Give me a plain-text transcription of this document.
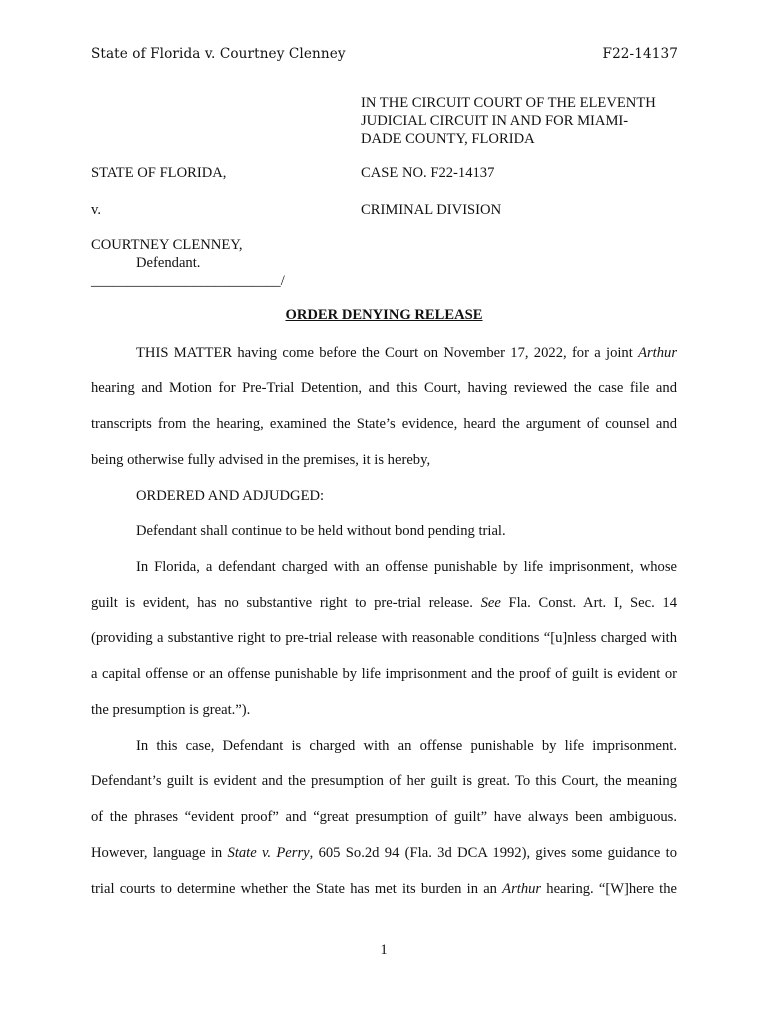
State of Florida v. Courtney Clenney	F22-14137
IN THE CIRCUIT COURT OF THE ELEVENTH
JUDICIAL CIRCUIT IN AND FOR MIAMI-
DADE COUNTY, FLORIDA
STATE OF FLORIDA,	CASE NO. F22-14137
v.	CRIMINAL DIVISION
COURTNEY CLENNEY,
Defendant.
__________________________/
ORDER DENYING RELEASE
THIS MATTER having come before the Court on November 17, 2022, for a joint Arthur
hearing and Motion for Pre-Trial Detention, and this Court, having reviewed the case file and
transcripts from the hearing, examined the State’s evidence, heard the argument of counsel and
being otherwise fully advised in the premises, it is hereby,
ORDERED AND ADJUDGED:
Defendant shall continue to be held without bond pending trial.
In Florida, a defendant charged with an offense punishable by life imprisonment, whose
guilt is evident, has no substantive right to pre-trial release. See Fla. Const. Art. I, Sec. 14
(providing a substantive right to pre-trial release with reasonable conditions “[u]nless charged with
a capital offense or an offense punishable by life imprisonment and the proof of guilt is evident or
the presumption is great.”).
In this case, Defendant is charged with an offense punishable by life imprisonment.
Defendant’s guilt is evident and the presumption of her guilt is great. To this Court, the meaning
of the phrases “evident proof” and “great presumption of guilt” have always been ambiguous.
However, language in State v. Perry, 605 So.2d 94 (Fla. 3d DCA 1992), gives some guidance to
trial courts to determine whether the State has met its burden in an Arthur hearing. “[W]here the
1
